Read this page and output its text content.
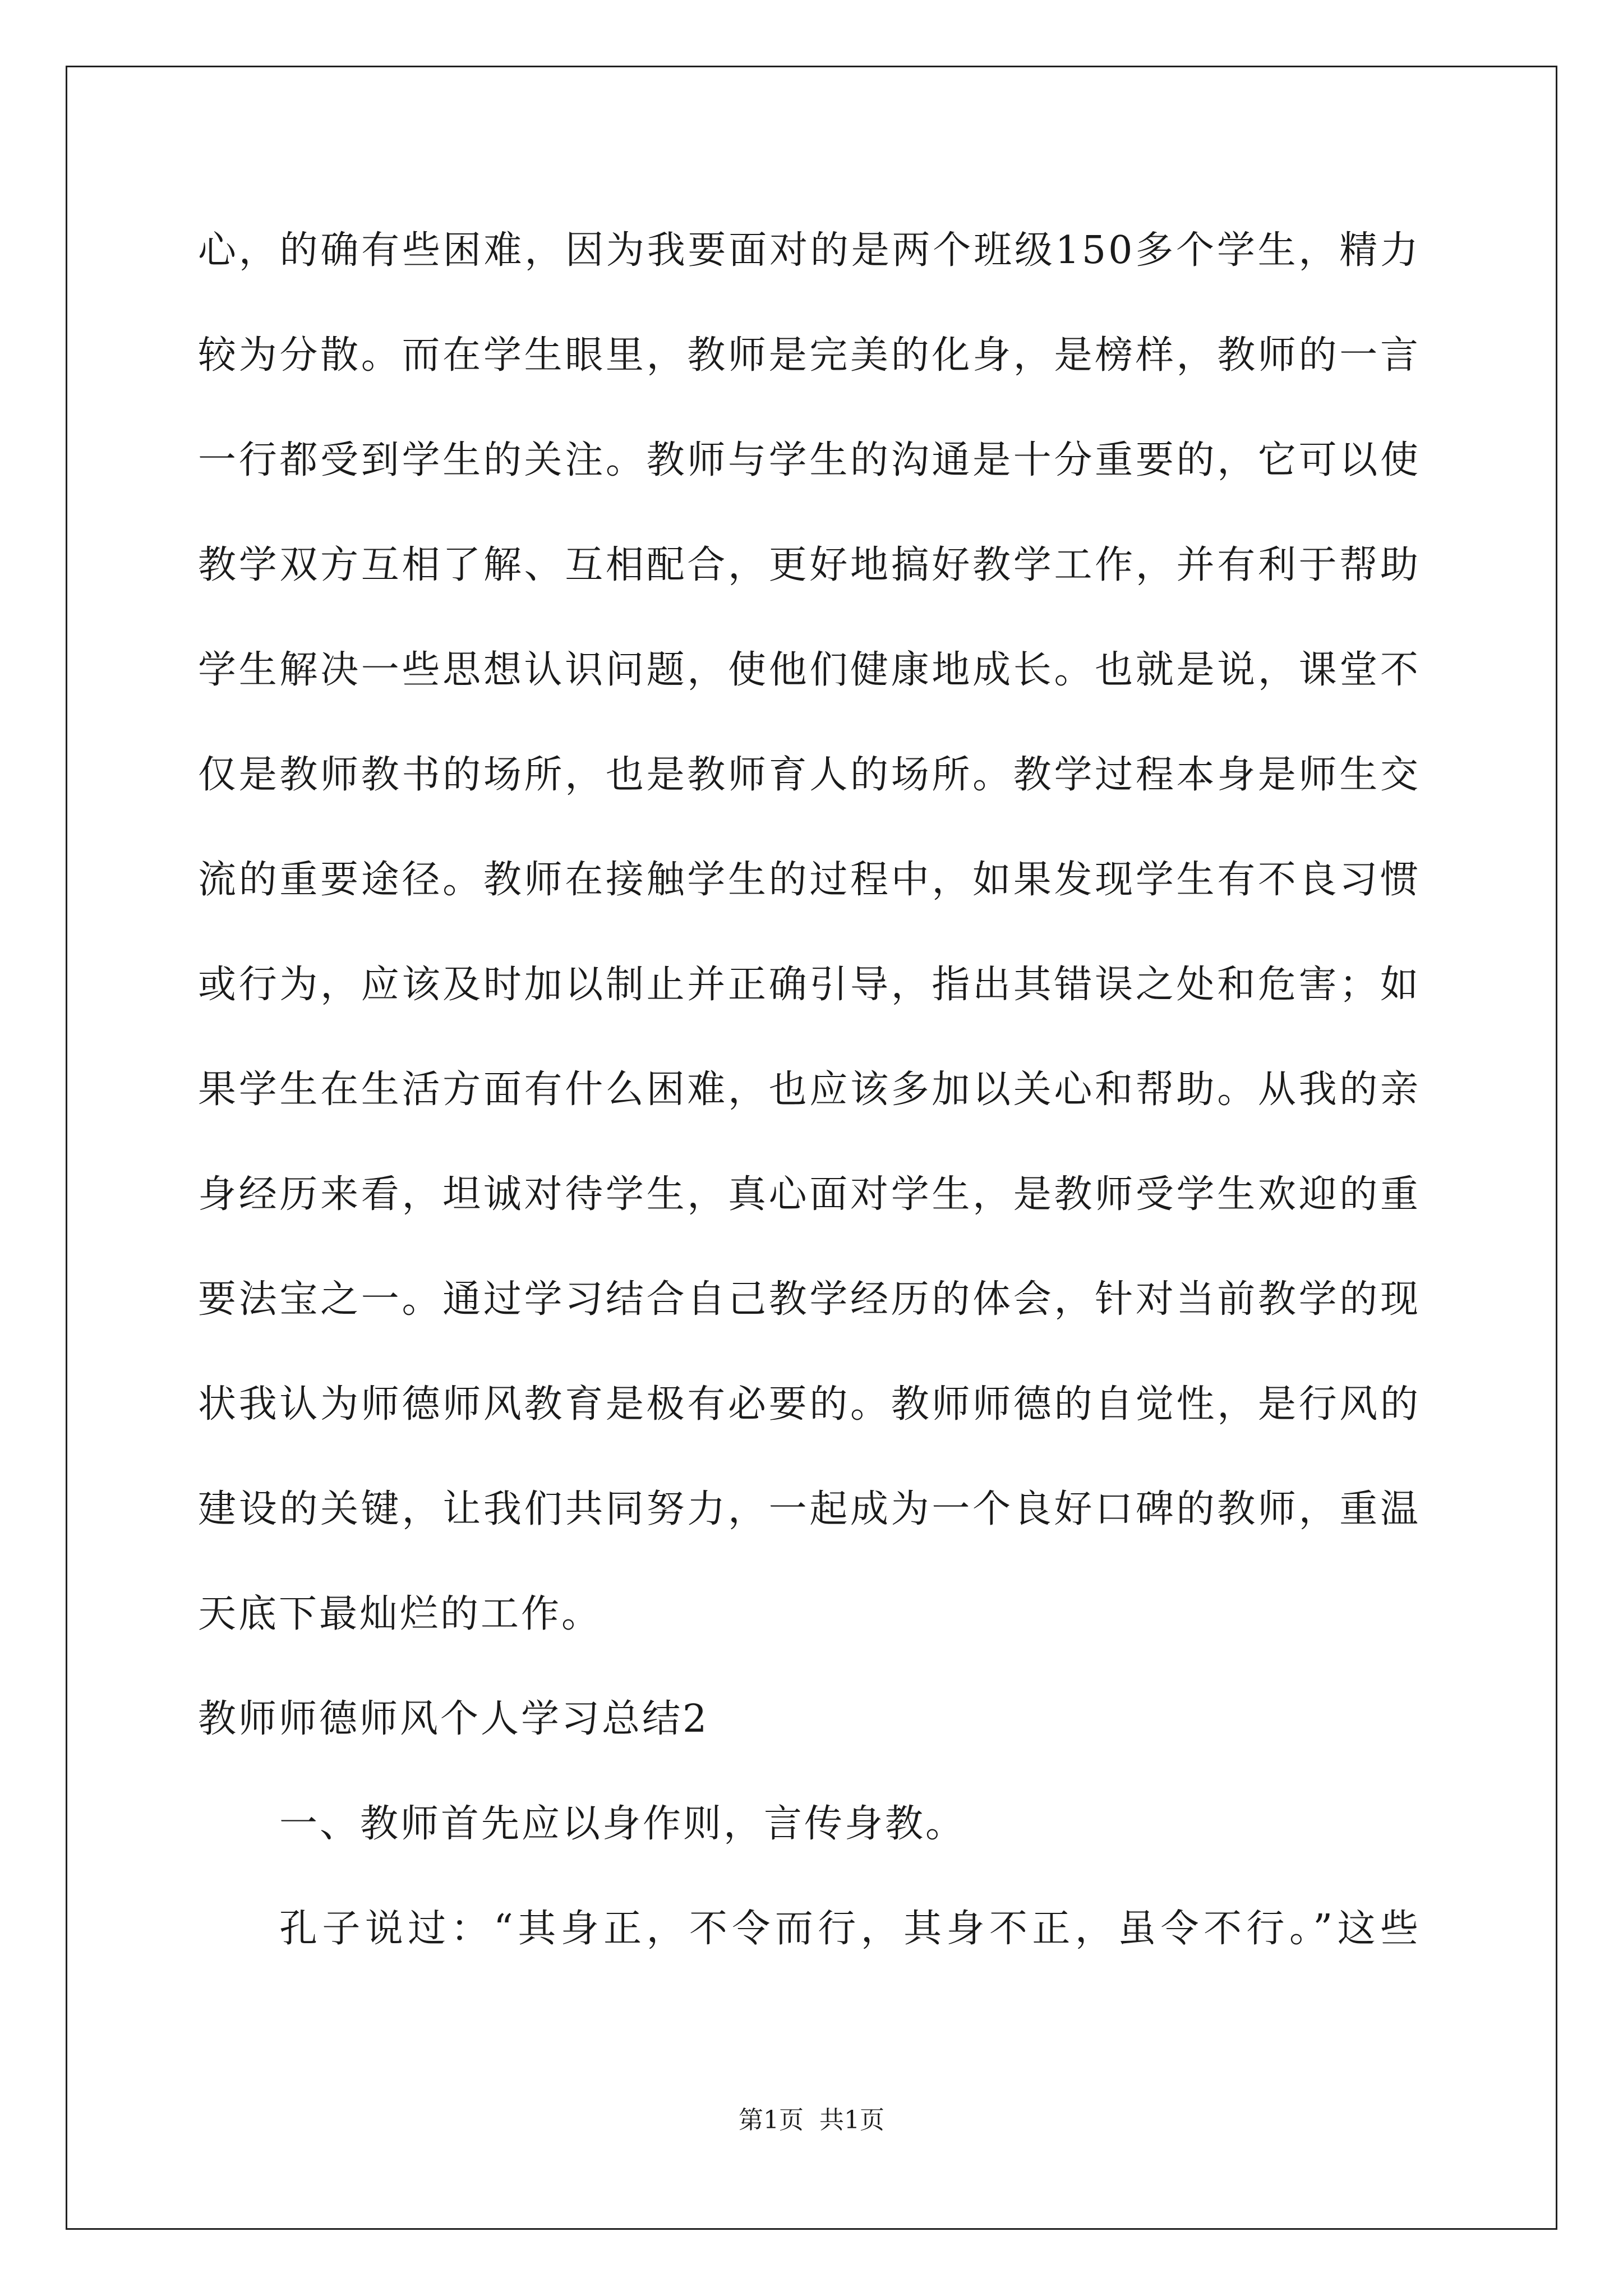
心，的确有些困难，因为我要面对的是两个班级150多个学生，精力
较为分散。而在学生眼里，教师是完美的化身，是榜样，教师的一言
一行都受到学生的关注。教师与学生的沟通是十分重要的，它可以使
教学双方互相了解、互相配合，更好地搞好教学工作，并有利于帮助
学生解决一些思想认识问题，使他们健康地成长。也就是说，课堂不
仅是教师教书的场所，也是教师育人的场所。教学过程本身是师生交
流的重要途径。教师在接触学生的过程中，如果发现学生有不良习惯
或行为，应该及时加以制止并正确引导，指出其错误之处和危害；如
果学生在生活方面有什么困难，也应该多加以关心和帮助。从我的亲
身经历来看，坦诚对待学生，真心面对学生，是教师受学生欢迎的重
要法宝之一。通过学习结合自己教学经历的体会，针对当前教学的现
状我认为师德师风教育是极有必要的。教师师德的自觉性，是行风的
建设的关键，让我们共同努力，一起成为一个良好口碑的教师，重温
天底下最灿烂的工作。
教师师德师风个人学习总结2
一、教师首先应以身作则，言传身教。
孔子说过：“其身正，不令而行，其身不正，虽令不行。”这些
第1页  共1页
